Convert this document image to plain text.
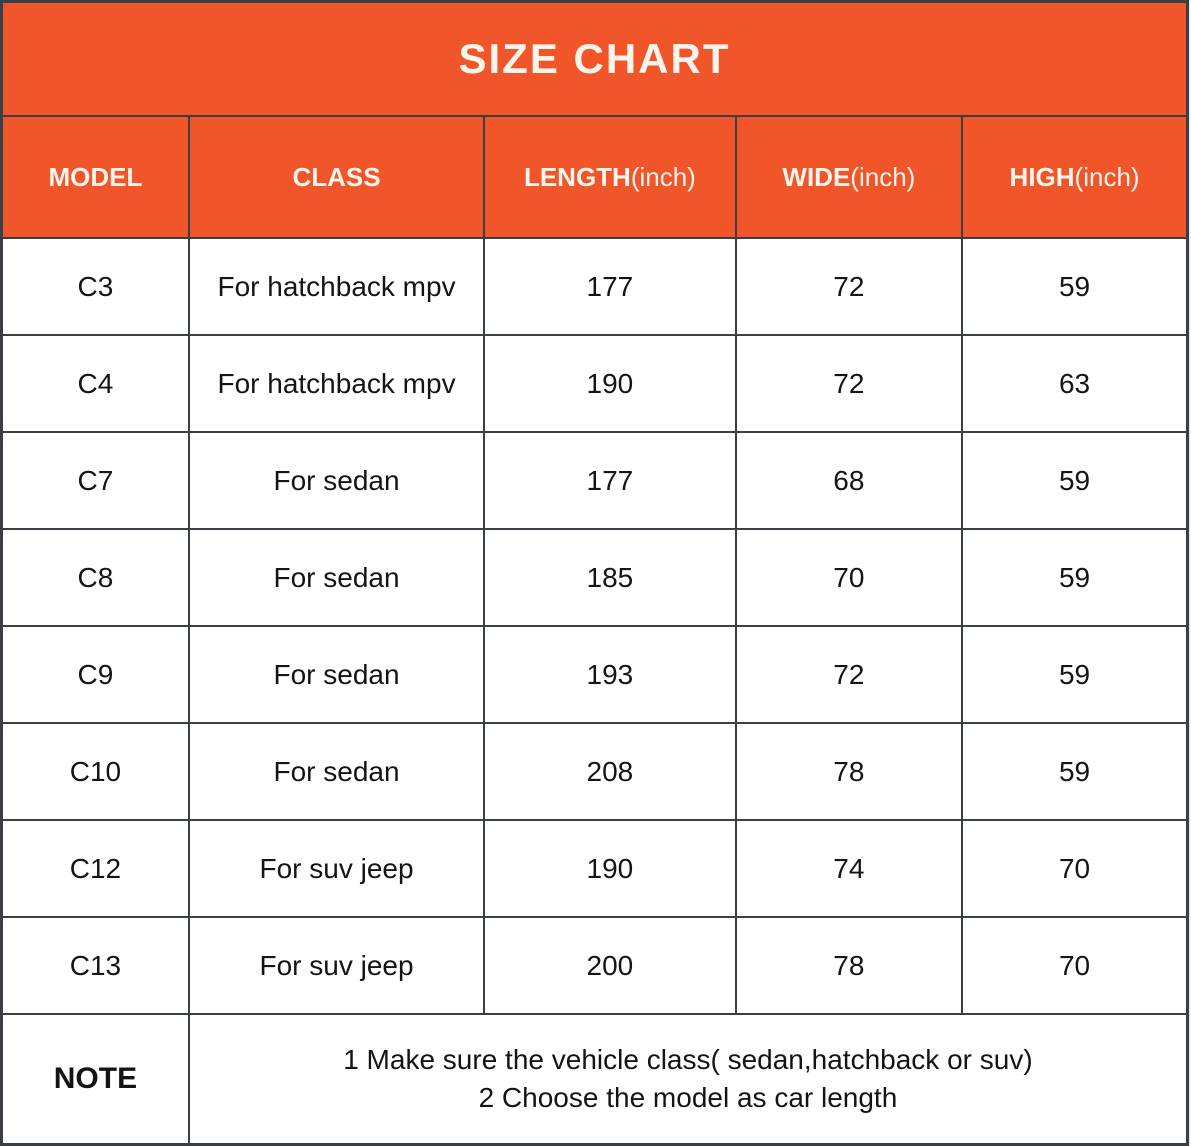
SIZE CHART				
MODEL	CLASS	LENGTH(inch)	WIDE(inch)	HIGH(inch)
C3	For hatchback mpv	177	72	59
C4	For hatchback mpv	190	72	63
C7	For sedan	177	68	59
C8	For sedan	185	70	59
C9	For sedan	193	72	59
C10	For sedan	208	78	59
C12	For suv jeep	190	74	70
C13	For suv jeep	200	78	70
NOTE	1 Make sure the vehicle class( sedan,hatchback or suv)
2 Choose the model as car length			
